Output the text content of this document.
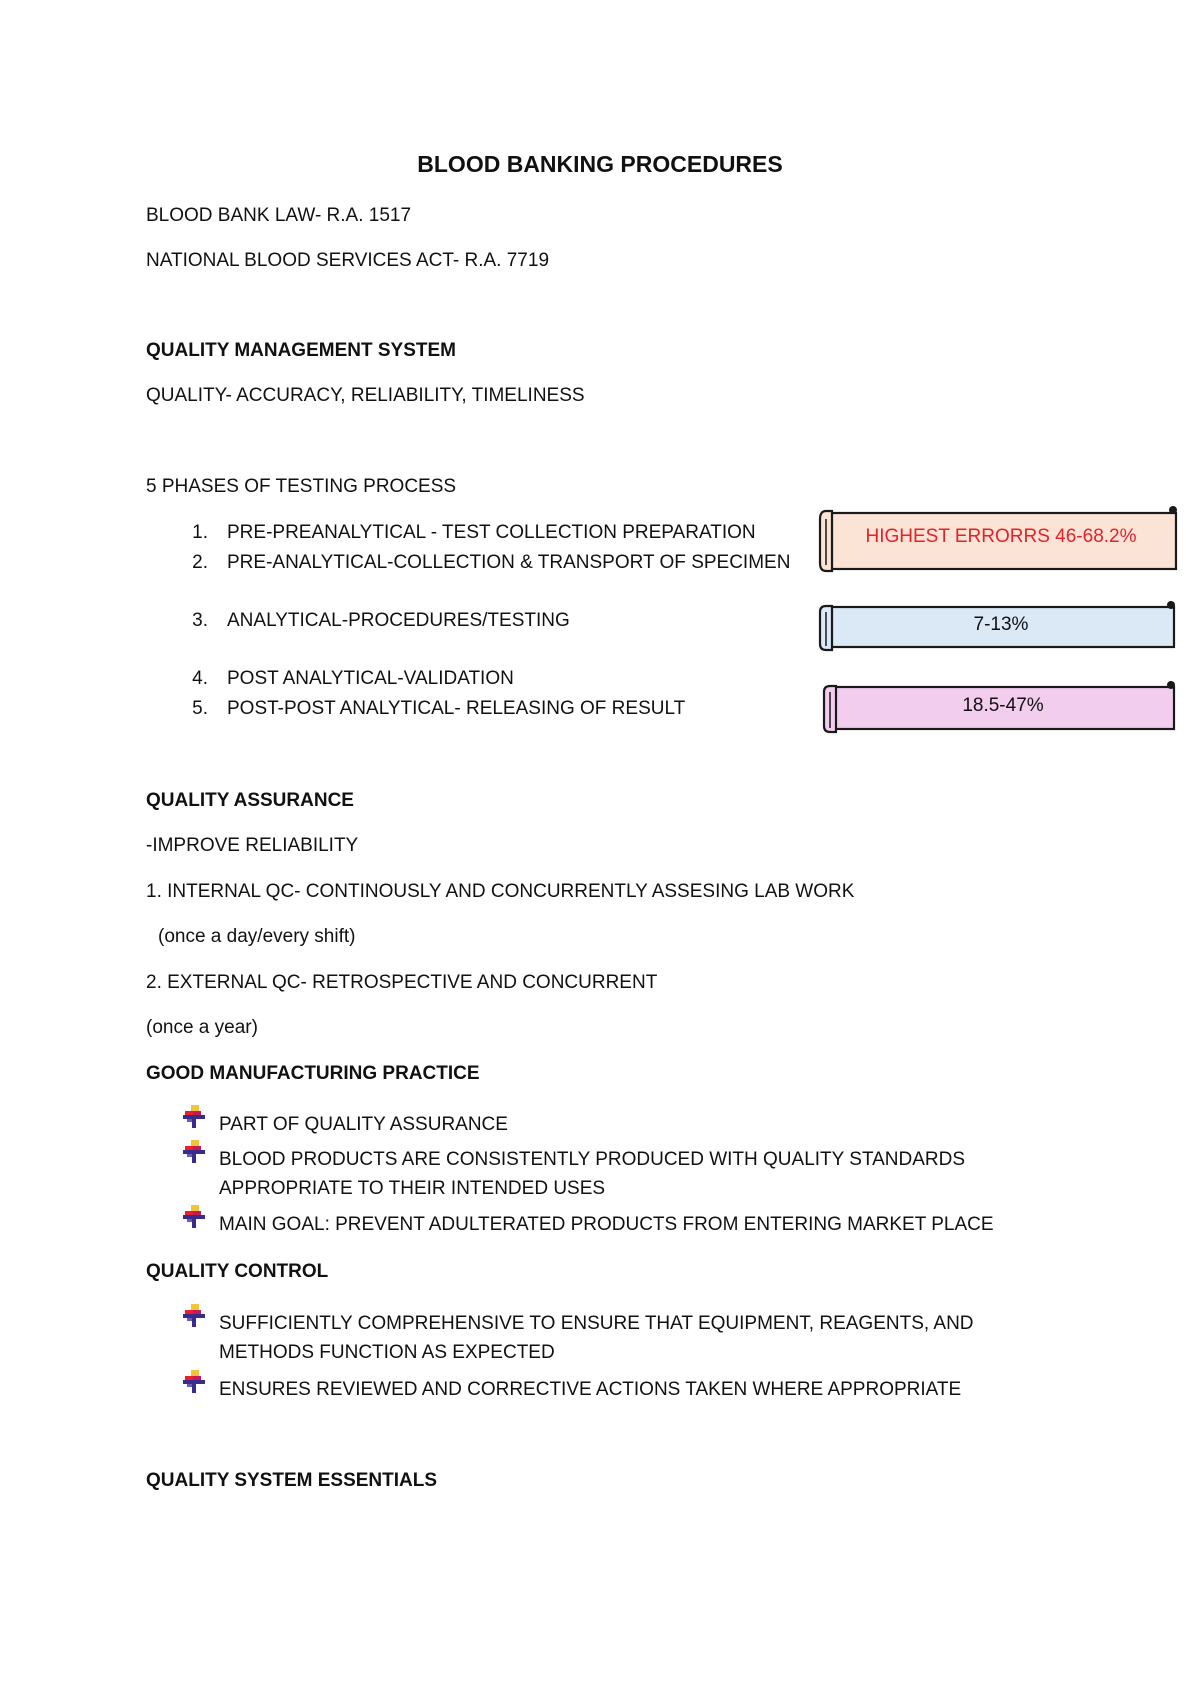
BLOOD BANKING PROCEDURES
BLOOD BANK LAW- R.A. 1517
NATIONAL BLOOD SERVICES ACT- R.A. 7719
QUALITY MANAGEMENT SYSTEM
QUALITY- ACCURACY, RELIABILITY, TIMELINESS
5 PHASES OF TESTING PROCESS
1. PRE-PREANALYTICAL - TEST COLLECTION PREPARATION
2. PRE-ANALYTICAL-COLLECTION & TRANSPORT OF SPECIMEN
3. ANALYTICAL-PROCEDURES/TESTING
4. POST ANALYTICAL-VALIDATION
5. POST-POST ANALYTICAL- RELEASING OF RESULT
HIGHEST ERRORRS 46-68.2%
7-13%
18.5-47%
QUALITY ASSURANCE
-IMPROVE RELIABILITY
1. INTERNAL QC- CONTINOUSLY AND CONCURRENTLY ASSESING LAB WORK
(once a day/every shift)
2. EXTERNAL QC- RETROSPECTIVE AND CONCURRENT
(once a year)
GOOD MANUFACTURING PRACTICE
PART OF QUALITY ASSURANCE
BLOOD PRODUCTS ARE CONSISTENTLY PRODUCED WITH QUALITY STANDARDS
APPROPRIATE TO THEIR INTENDED USES
MAIN GOAL: PREVENT ADULTERATED PRODUCTS FROM ENTERING MARKET PLACE
QUALITY CONTROL
SUFFICIENTLY COMPREHENSIVE TO ENSURE THAT EQUIPMENT, REAGENTS, AND
METHODS FUNCTION AS EXPECTED
ENSURES REVIEWED AND CORRECTIVE ACTIONS TAKEN WHERE APPROPRIATE
QUALITY SYSTEM ESSENTIALS
